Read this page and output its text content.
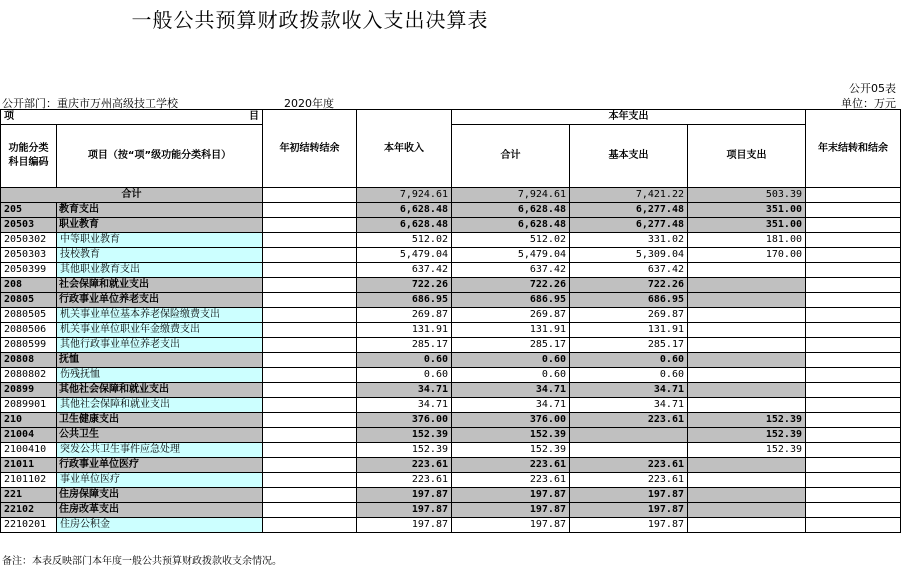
一般公共预算财政拨款收入支出决算表
公开05表
公开部门：重庆市万州高级技工学校	2020年度	单位：万元
项 目		年初结转结余	本年收入	本年支出			年末结转和结余
功能分类科目编码	项目（按“项”级功能分类科目）			合计	基本支出	项目支出	

合计			7,924.61	7,924.61	7,421.22	503.39	
205	教育支出		6,628.48	6,628.48	6,277.48	351.00	
20503	职业教育		6,628.48	6,628.48	6,277.48	351.00	
2050302	中等职业教育		512.02	512.02	331.02	181.00	
2050303	技校教育		5,479.04	5,479.04	5,309.04	170.00	
2050399	其他职业教育支出		637.42	637.42	637.42		
208	社会保障和就业支出		722.26	722.26	722.26		
20805	行政事业单位养老支出		686.95	686.95	686.95		
2080505	机关事业单位基本养老保险缴费支出		269.87	269.87	269.87		
2080506	机关事业单位职业年金缴费支出		131.91	131.91	131.91		
2080599	其他行政事业单位养老支出		285.17	285.17	285.17		
20808	抚恤		0.60	0.60	0.60		
2080802	伤残抚恤		0.60	0.60	0.60		
20899	其他社会保障和就业支出		34.71	34.71	34.71		
2089901	其他社会保障和就业支出		34.71	34.71	34.71		
210	卫生健康支出		376.00	376.00	223.61	152.39	
21004	公共卫生		152.39	152.39		152.39	
2100410	突发公共卫生事件应急处理		152.39	152.39		152.39	
21011	行政事业单位医疗		223.61	223.61	223.61		
2101102	事业单位医疗		223.61	223.61	223.61		
221	住房保障支出		197.87	197.87	197.87		
22102	住房改革支出		197.87	197.87	197.87		
2210201	住房公积金		197.87	197.87	197.87		
备注：本表反映部门本年度一般公共预算财政拨款收支余情况。
